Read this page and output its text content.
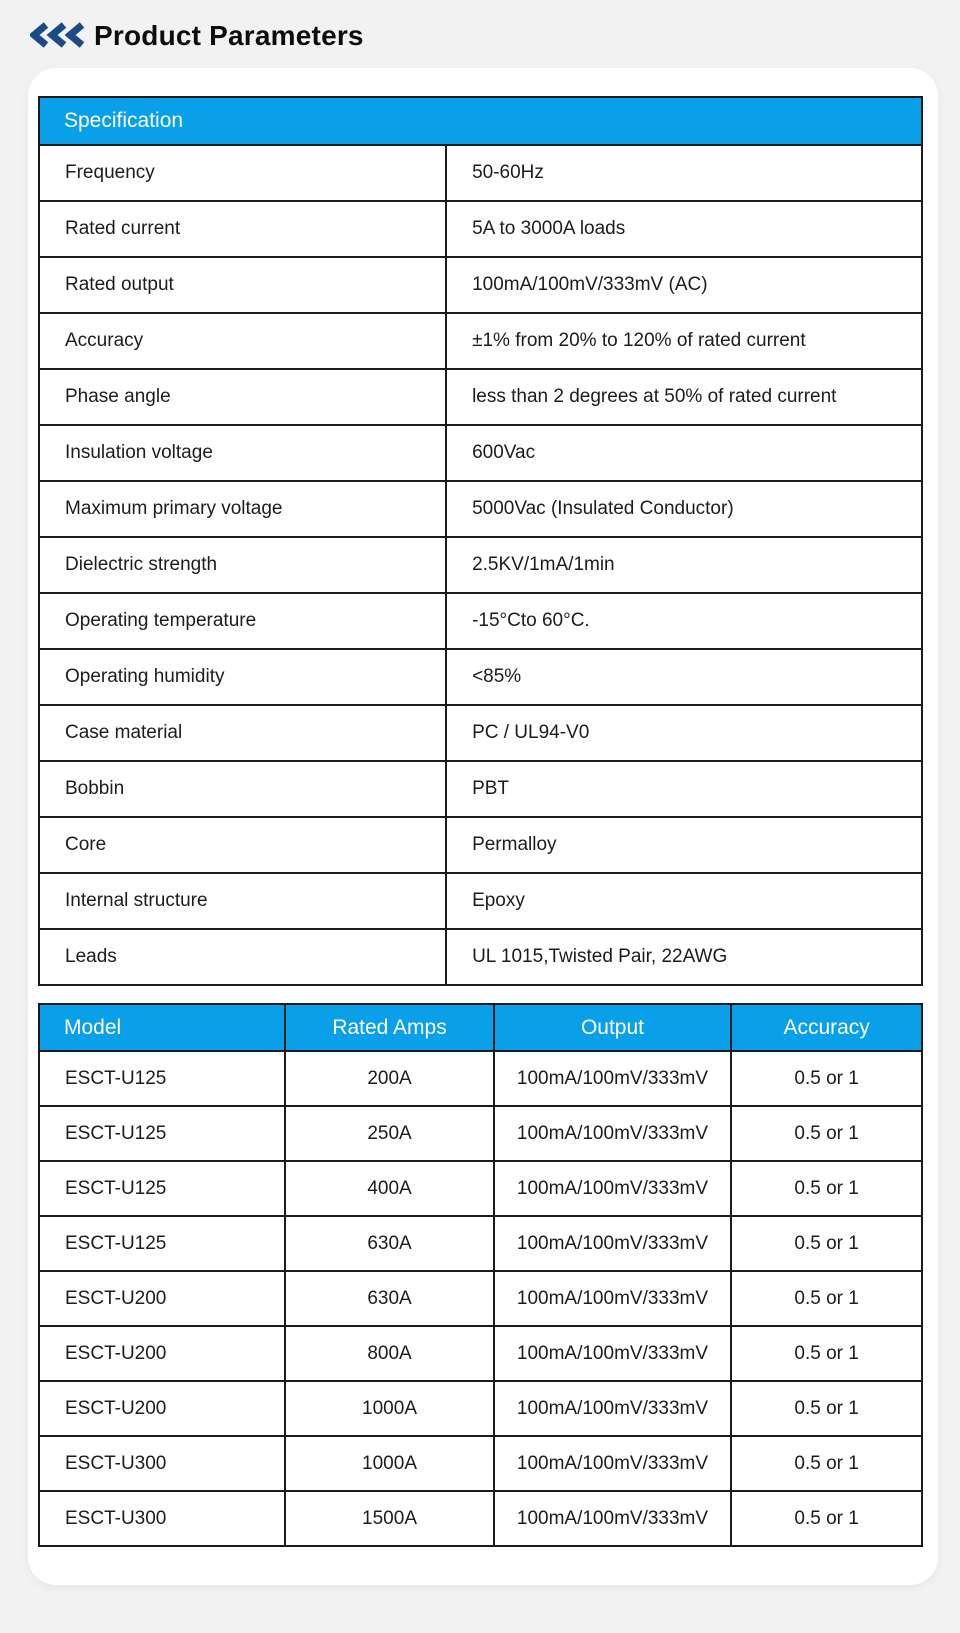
Product Parameters
Specification	
Frequency	50-60Hz
Rated current	5A to 3000A loads
Rated output	100mA/100mV/333mV (AC)
Accuracy	±1% from 20% to 120% of rated current
Phase angle	less than 2 degrees at 50% of rated current
Insulation voltage	600Vac
Maximum primary voltage	5000Vac (Insulated Conductor)
Dielectric strength	2.5KV/1mA/1min
Operating temperature	-15°Cto 60°C.
Operating humidity	<85%
Case material	PC / UL94-V0
Bobbin	PBT
Core	Permalloy
Internal structure	Epoxy
Leads	UL 1015,Twisted Pair, 22AWG
Model	Rated Amps	Output	Accuracy
ESCT-U125	200A	100mA/100mV/333mV	0.5 or 1
ESCT-U125	250A	100mA/100mV/333mV	0.5 or 1
ESCT-U125	400A	100mA/100mV/333mV	0.5 or 1
ESCT-U125	630A	100mA/100mV/333mV	0.5 or 1
ESCT-U200	630A	100mA/100mV/333mV	0.5 or 1
ESCT-U200	800A	100mA/100mV/333mV	0.5 or 1
ESCT-U200	1000A	100mA/100mV/333mV	0.5 or 1
ESCT-U300	1000A	100mA/100mV/333mV	0.5 or 1
ESCT-U300	1500A	100mA/100mV/333mV	0.5 or 1
